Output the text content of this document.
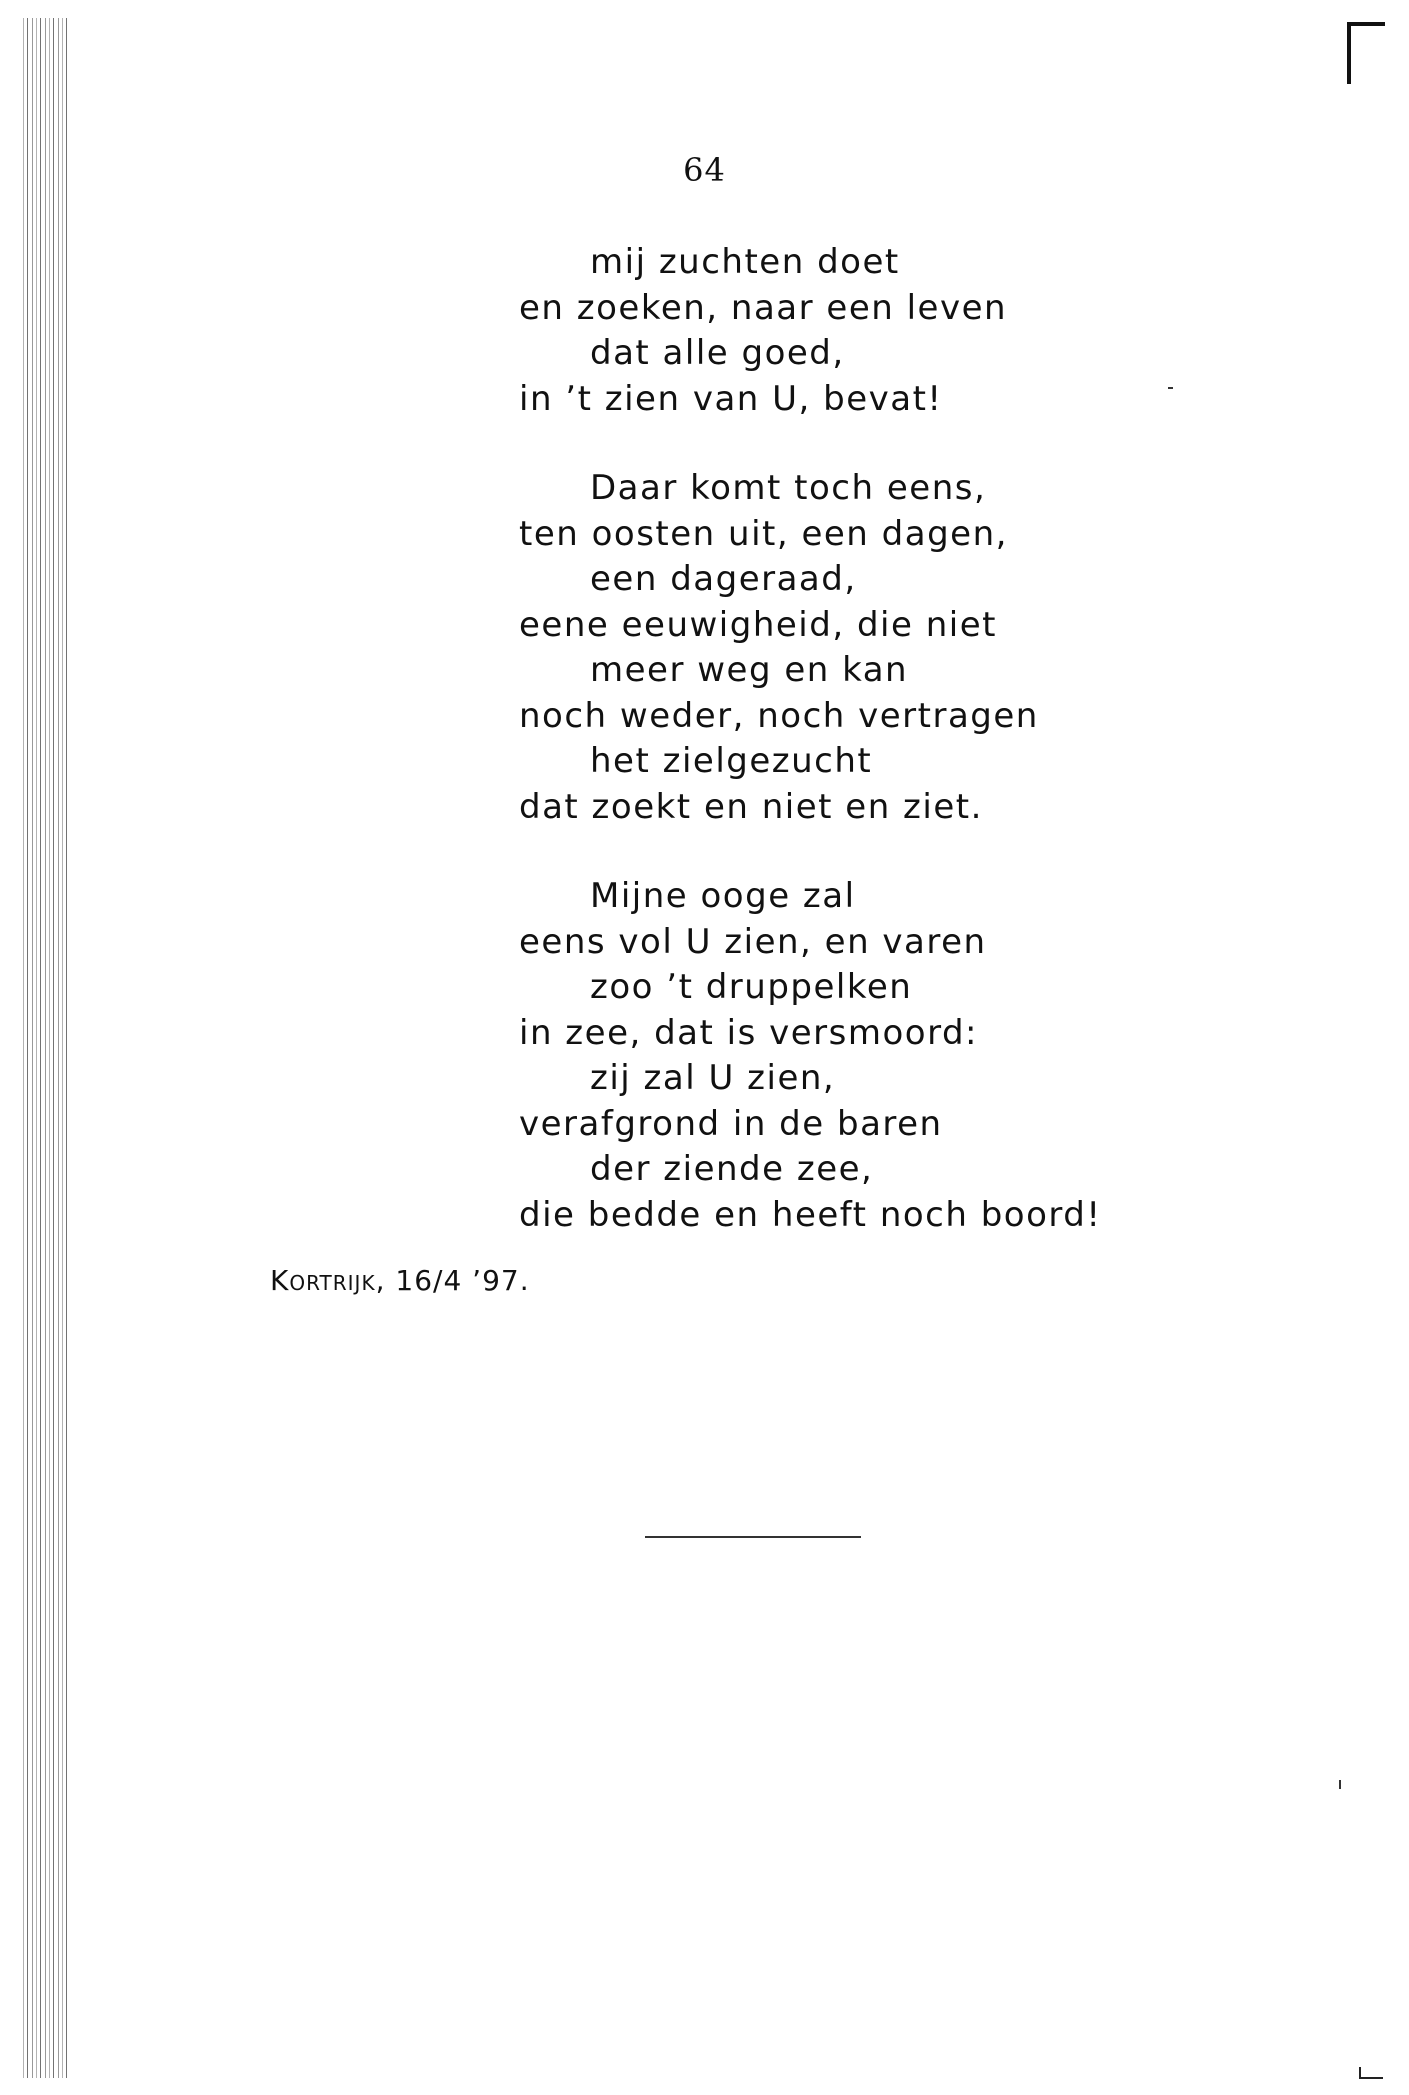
64
mij zuchten doet
en zoeken, naar een leven
dat alle goed,
in ’t zien van U, bevat!
Daar komt toch eens,
ten oosten uit, een dagen,
een dageraad,
eene eeuwigheid, die niet
meer weg en kan
noch weder, noch vertragen
het zielgezucht
dat zoekt en niet en ziet.
Mijne ooge zal
eens vol U zien, en varen
zoo ’t druppelken
in zee, dat is versmoord:
zij zal U zien,
verafgrond in de baren
der ziende zee,
die bedde en heeft noch boord!
Kortrijk, 16/4 ’97.
